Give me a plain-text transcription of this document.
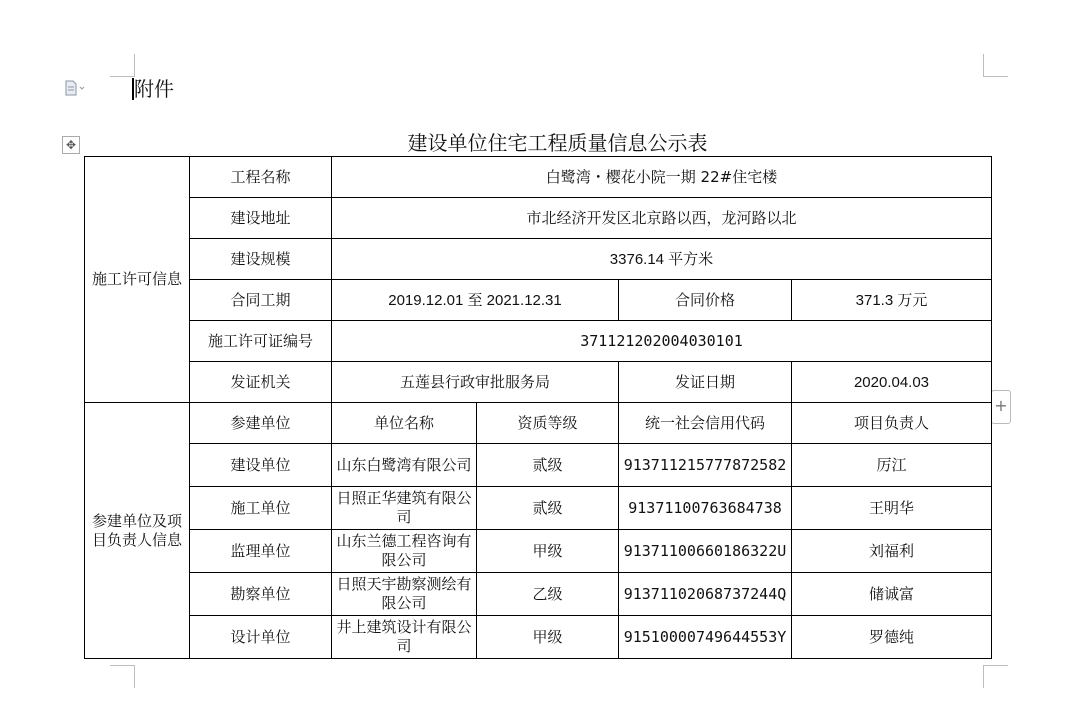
附件
建设单位住宅工程质量信息公示表
✥
+
施工许可信息	工程名称	白鹭湾・樱花小院一期 22#住宅楼			
	建设地址	市北经济开发区北京路以西，龙河路以北			
	建设规模	3376.14 平方米			
	合同工期	2019.12.01 至 2021.12.31		合同价格	371.3 万元
	施工许可证编号	371121202004030101			
	发证机关	五莲县行政审批服务局		发证日期	2020.04.03
参建单位及项目负责人信息	参建单位	单位名称	资质等级	统一社会信用代码	项目负责人
	建设单位	山东白鹭湾有限公司	贰级	913711215777872582	厉江
	施工单位	日照正华建筑有限公司	贰级	91371100763684738	王明华
	监理单位	山东兰德工程咨询有限公司	甲级	91371100660186322U	刘福利
	勘察单位	日照天宇勘察测绘有限公司	乙级	91371102068737244Q	储诚富
	设计单位	井上建筑设计有限公司	甲级	91510000749644553Y	罗德纯
